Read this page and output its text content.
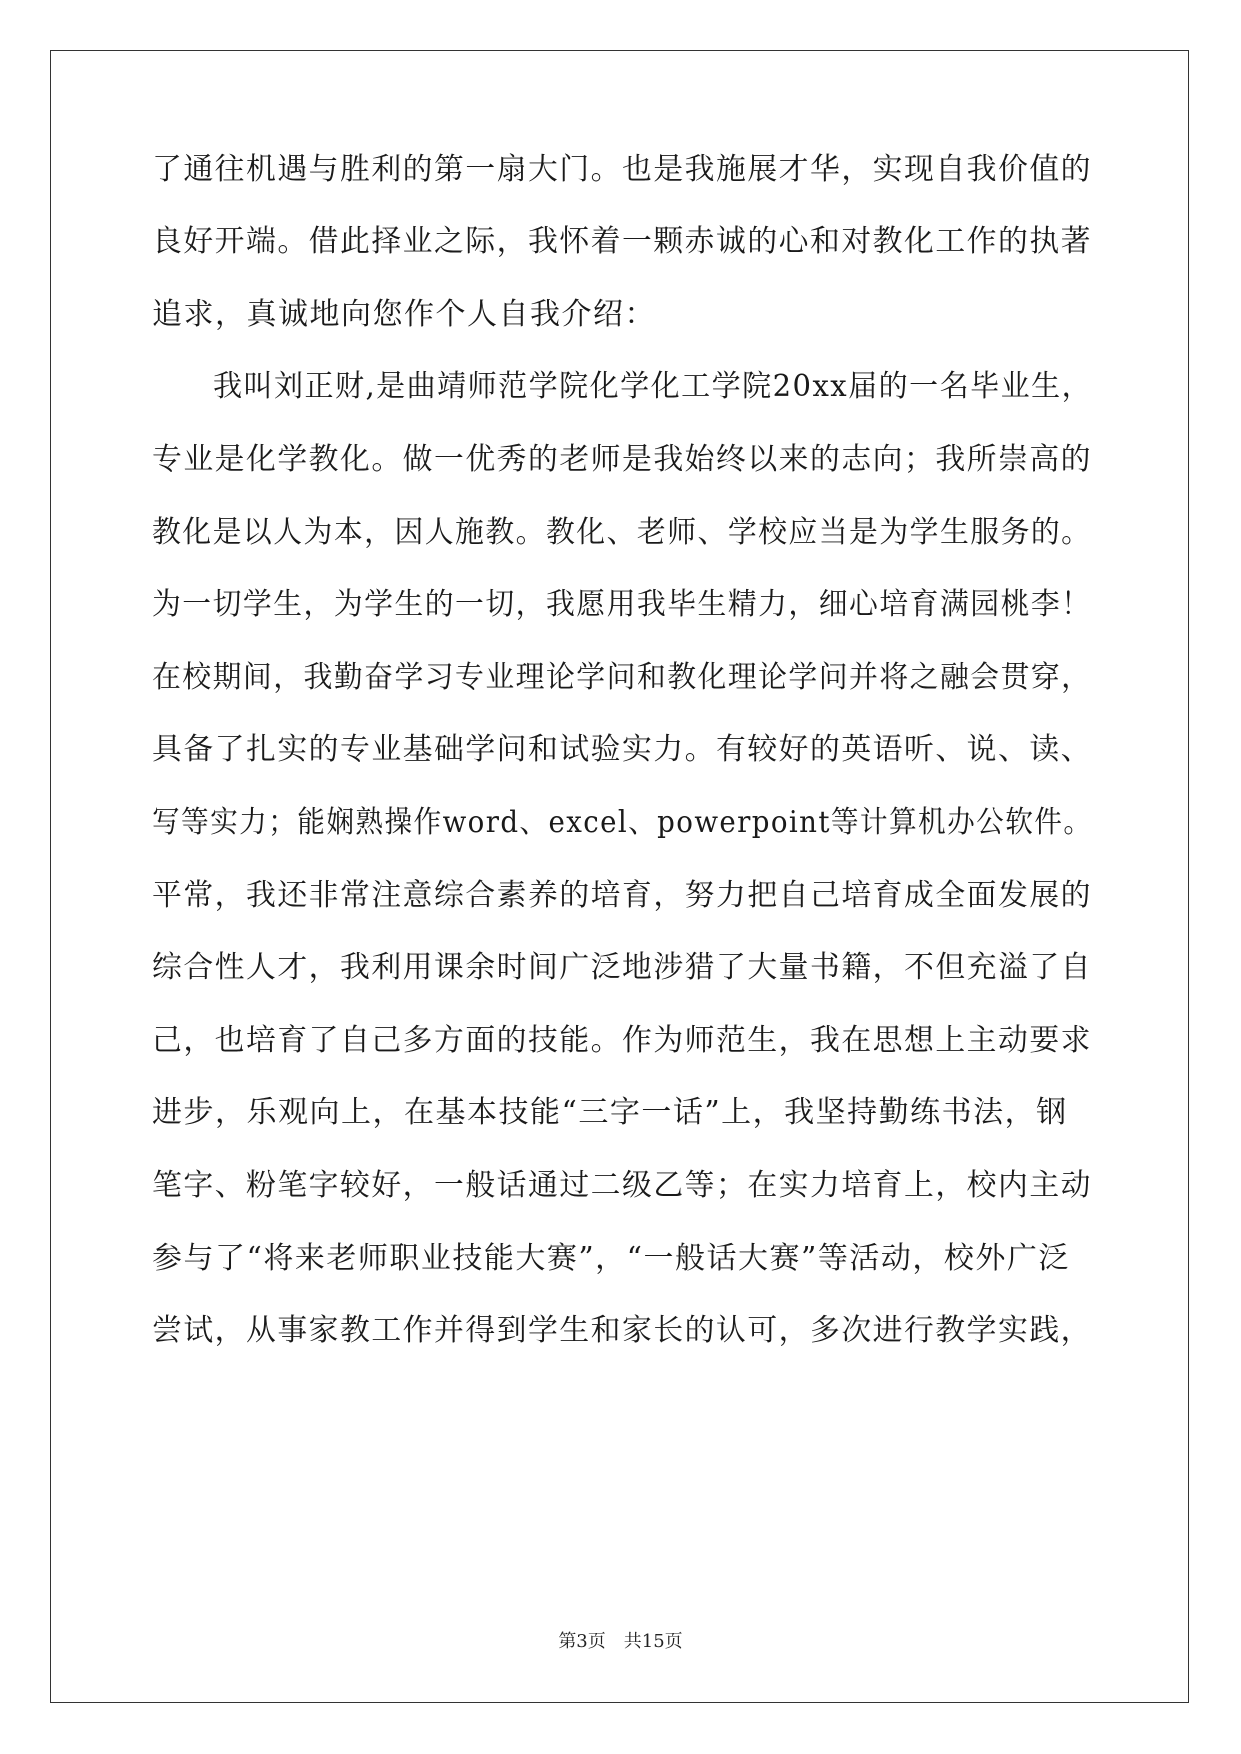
了通往机遇与胜利的第一扇大门。也是我施展才华，实现自我价值的
良好开端。借此择业之际，我怀着一颗赤诚的心和对教化工作的执著
追求，真诚地向您作个人自我介绍：
　　我叫刘正财,是曲靖师范学院化学化工学院20xx届的一名毕业生，
专业是化学教化。做一优秀的老师是我始终以来的志向；我所崇高的
教化是以人为本，因人施教。教化、老师、学校应当是为学生服务的。
为一切学生，为学生的一切，我愿用我毕生精力，细心培育满园桃李！
在校期间，我勤奋学习专业理论学问和教化理论学问并将之融会贯穿，
具备了扎实的专业基础学问和试验实力。有较好的英语听、说、读、
写等实力；能娴熟操作word、excel、powerpoint等计算机办公软件。
平常，我还非常注意综合素养的培育，努力把自己培育成全面发展的
综合性人才，我利用课余时间广泛地涉猎了大量书籍，不但充溢了自
己，也培育了自己多方面的技能。作为师范生，我在思想上主动要求
进步，乐观向上，在基本技能“三字一话”上，我坚持勤练书法，钢
笔字、粉笔字较好，一般话通过二级乙等；在实力培育上，校内主动
参与了“将来老师职业技能大赛”，“一般话大赛”等活动，校外广泛
尝试，从事家教工作并得到学生和家长的认可，多次进行教学实践，
第3页 共15页
